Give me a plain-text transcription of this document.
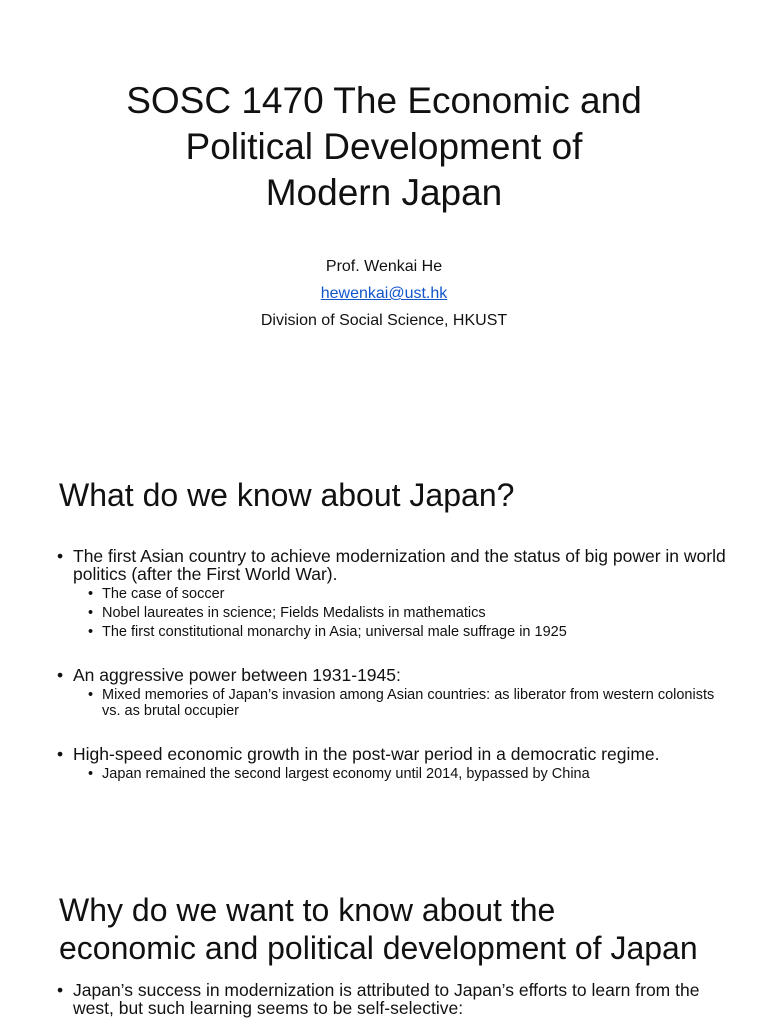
SOSC 1470 The Economic and
Political Development of
Modern Japan
Prof. Wenkai He
hewenkai@ust.hk
Division of Social Science, HKUST
What do we know about Japan?
• The first Asian country to achieve modernization and the status of big power in world politics (after the First World War).
• The case of soccer
• Nobel laureates in science; Fields Medalists in mathematics
• The first constitutional monarchy in Asia; universal male suffrage in 1925
• An aggressive power between 1931-1945:
• Mixed memories of Japan’s invasion among Asian countries: as liberator from western colonists vs. as brutal occupier
• High-speed economic growth in the post-war period in a democratic regime.
• Japan remained the second largest economy until 2014, bypassed by China
Why do we want to know about the
economic and political development of Japan
• Japan’s success in modernization is attributed to Japan’s efforts to learn from the west, but such learning seems to be self-selective:
